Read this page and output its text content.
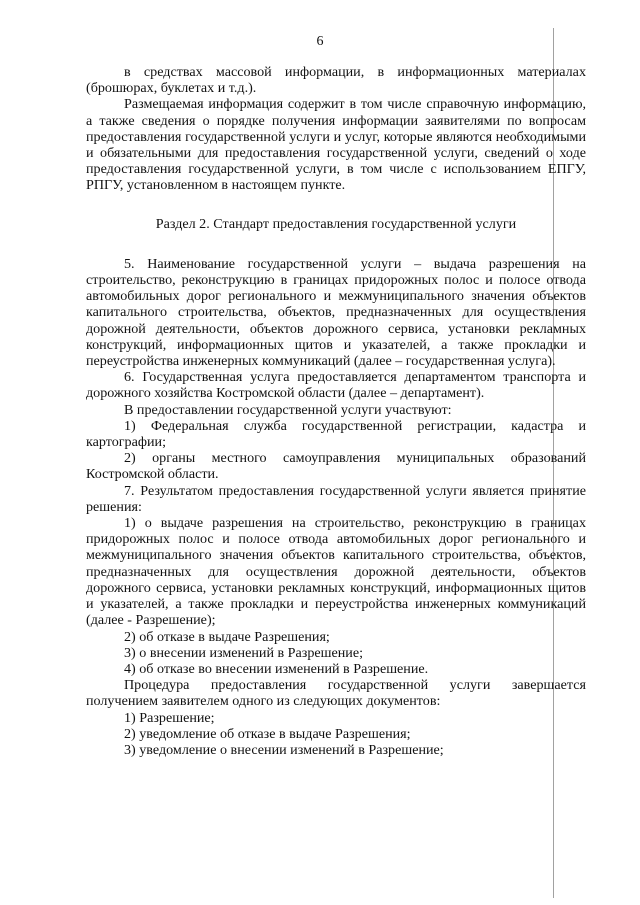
6

в средствах массовой информации, в информационных материалах (брошюрах, буклетах и т.д.).

Размещаемая информация содержит в том числе справочную информацию, а также сведения о порядке получения информации заявителями по вопросам предоставления государственной услуги и услуг, которые являются необходимыми и обязательными для предоставления государственной услуги, сведений о ходе предоставления государственной услуги, в том числе с использованием ЕПГУ, РПГУ, установленном в настоящем пункте.

Раздел 2. Стандарт предоставления государственной услуги

5. Наименование государственной услуги – выдача разрешения на строительство, реконструкцию в границах придорожных полос и полосе отвода автомобильных дорог регионального и межмуниципального значения объектов капитального строительства, объектов, предназначенных для осуществления дорожной деятельности, объектов дорожного сервиса, установки рекламных конструкций, информационных щитов и указателей, а также прокладки и переустройства инженерных коммуникаций (далее – государственная услуга).

6. Государственная услуга предоставляется департаментом транспорта и дорожного хозяйства Костромской области (далее – департамент).

В предоставлении государственной услуги участвуют:

1) Федеральная служба государственной регистрации, кадастра и картографии;

2) органы местного самоуправления муниципальных образований Костромской области.

7. Результатом предоставления государственной услуги является принятие решения:

1) о выдаче разрешения на строительство, реконструкцию в границах придорожных полос и полосе отвода автомобильных дорог регионального и межмуниципального значения объектов капитального строительства, объектов, предназначенных для осуществления дорожной деятельности, объектов дорожного сервиса, установки рекламных конструкций, информационных щитов и указателей, а также прокладки и переустройства инженерных коммуникаций (далее - Разрешение);

2) об отказе в выдаче Разрешения;

3) о внесении изменений в Разрешение;

4) об отказе во внесении изменений в Разрешение.

Процедура предоставления государственной услуги завершается получением заявителем одного из следующих документов:

1) Разрешение;

2) уведомление об отказе в выдаче Разрешения;

3) уведомление о внесении изменений в Разрешение;
